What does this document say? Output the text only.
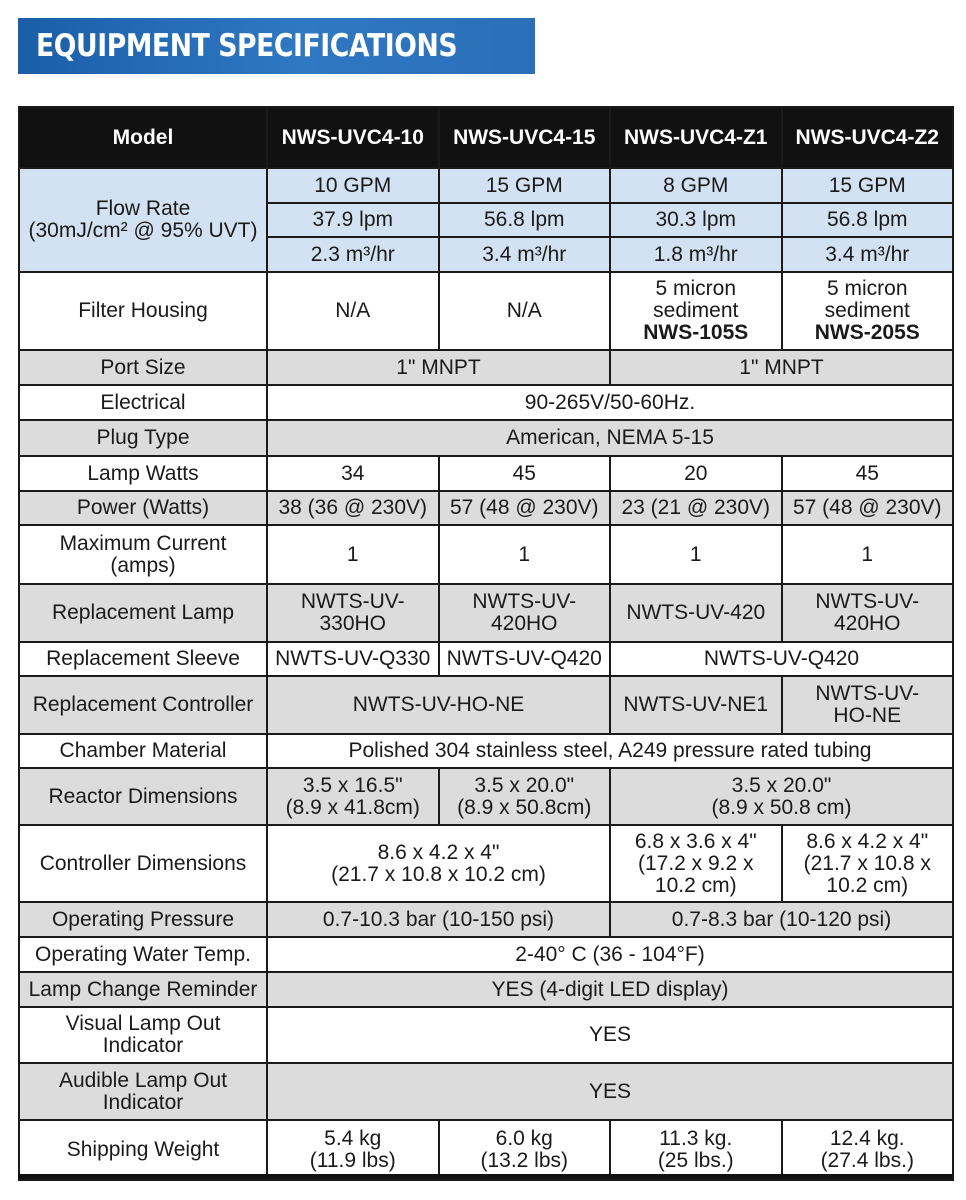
EQUIPMENT SPECIFICATIONS
Model	NWS-UVC4-10	NWS-UVC4-15	NWS-UVC4-Z1	NWS-UVC4-Z2

Flow Rate
(30mJ/cm² @ 95% UVT)	10 GPM	15 GPM	8 GPM	15 GPM
	37.9 lpm	56.8 lpm	30.3 lpm	56.8 lpm
	2.3 m³/hr	3.4 m³/hr	1.8 m³/hr	3.4 m³/hr
Filter Housing	N/A	N/A	5 micron
sediment
NWS-105S	5 micron
sediment
NWS-205S

Port Size	1" MNPT		1" MNPT	
Electrical	90-265V/50-60Hz.			
Plug Type	American, NEMA 5-15			
Lamp Watts	34	45	20	45
Power (Watts)	38 (36 @ 230V)	57 (48 @ 230V)	23 (21 @ 230V)	57 (48 @ 230V)

Maximum Current
(amps)	1	1	1	1
Replacement Lamp	NWTS-UV-330HO	NWTS-UV-420HO	NWTS-UV-420	NWTS-UV-420HO
Replacement Sleeve	NWTS-UV-Q330	NWTS-UV-Q420	NWTS-UV-Q420	
Replacement Controller	NWTS-UV-HO-NE		NWTS-UV-NE1	NWTS-UV-
HO-NE

Chamber Material	Polished 304 stainless steel, A249 pressure rated tubing			
Reactor Dimensions	3.5 x 16.5"
(8.9 x 41.8cm)	3.5 x 20.0"
(8.9 x 50.8cm)	3.5 x 20.0"
(8.9 x 50.8 cm)	

Controller Dimensions	8.6 x 4.2 x 4"
(21.7 x 10.8 x 10.2 cm)		6.8 x 3.6 x 4"
(17.2 x 9.2 x
10.2 cm)	8.6 x 4.2 x 4"
(21.7 x 10.8 x
10.2 cm)

Operating Pressure	0.7-10.3 bar (10-150 psi)		0.7-8.3 bar (10-120 psi)	
Operating Water Temp.	2-40° C (36 - 104°F)			
Lamp Change Reminder	YES (4-digit LED display)			

Visual Lamp Out
Indicator	YES			

Audible Lamp Out
Indicator	YES			
Shipping Weight	5.4 kg
(11.9 lbs)	6.0 kg
(13.2 lbs)	11.3 kg.
(25 lbs.)	12.4 kg.
(27.4 lbs.)
